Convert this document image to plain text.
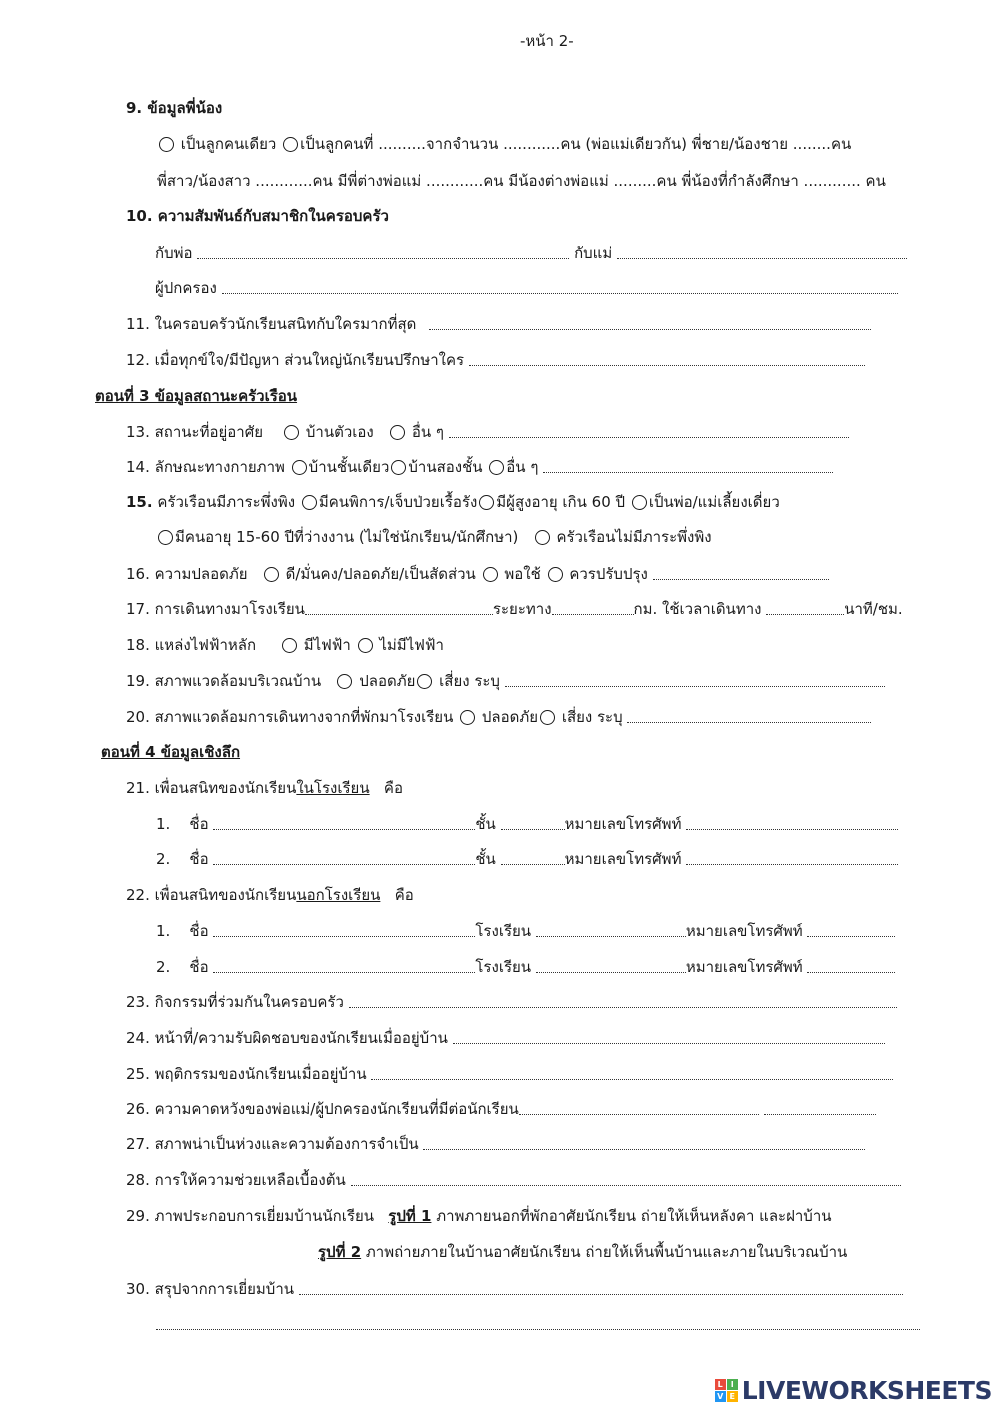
-หน้า 2-
9. ข้อมูลพี่น้อง
เป็นลูกคนเดียว เป็นลูกคนที่ ..........จากจำนวน ............คน (พ่อแม่เดียวกัน) พี่ชาย/น้องชาย ........คน
พี่สาว/น้องสาว ............คน มีพี่ต่างพ่อแม่ ............คน มีน้องต่างพ่อแม่ .........คน พี่น้องที่กำลังศึกษา ............ คน
10. ความสัมพันธ์กับสมาชิกในครอบครัว
กับพ่อ	กับแม่
ผู้ปกครอง
11. ในครอบครัวนักเรียนสนิทกับใครมากที่สุด
12. เมื่อทุกข์ใจ/มีปัญหา ส่วนใหญ่นักเรียนปรึกษาใคร
ตอนที่ 3 ข้อมูลสถานะครัวเรือน
13. สถานะที่อยู่อาศัย	บ้านตัวเอง	อื่น ๆ
14. ลักษณะทางกายภาพ บ้านชั้นเดียว บ้านสองชั้น อื่น ๆ
15. ครัวเรือนมีภาระพึ่งพิง มีคนพิการ/เจ็บป่วยเรื้อรัง มีผู้สูงอายุ เกิน 60 ปี เป็นพ่อ/แม่เลี้ยงเดี่ยว
มีคนอายุ 15-60 ปีที่ว่างงาน (ไม่ใช่นักเรียน/นักศึกษา)	ครัวเรือนไม่มีภาระพึ่งพิง
16. ความปลอดภัย	ดี/มั่นคง/ปลอดภัย/เป็นสัดส่วน พอใช้ ควรปรับปรุง
17. การเดินทางมาโรงเรียน	ระยะทาง	กม. ใช้เวลาเดินทาง	นาที/ชม.
18. แหล่งไฟฟ้าหลัก	มีไฟฟ้า ไม่มีไฟฟ้า
19. สภาพแวดล้อมบริเวณบ้าน	ปลอดภัย เสี่ยง ระบุ
20. สภาพแวดล้อมการเดินทางจากที่พักมาโรงเรียน ปลอดภัย เสี่ยง ระบุ
ตอนที่ 4 ข้อมูลเชิงลึก
21. เพื่อนสนิทของนักเรียนในโรงเรียน คือ
1. ชื่อ	ชั้น	หมายเลขโทรศัพท์
2. ชื่อ	ชั้น	หมายเลขโทรศัพท์
22. เพื่อนสนิทของนักเรียนนอกโรงเรียน คือ
1. ชื่อ	โรงเรียน	หมายเลขโทรศัพท์
2. ชื่อ	โรงเรียน	หมายเลขโทรศัพท์
23. กิจกรรมที่ร่วมกันในครอบครัว
24. หน้าที่/ความรับผิดชอบของนักเรียนเมื่ออยู่บ้าน
25. พฤติกรรมของนักเรียนเมื่ออยู่บ้าน
26. ความคาดหวังของพ่อแม่/ผู้ปกครองนักเรียนที่มีต่อนักเรียน
27. สภาพน่าเป็นห่วงและความต้องการจำเป็น
28. การให้ความช่วยเหลือเบื้องต้น
29. ภาพประกอบการเยี่ยมบ้านนักเรียน รูปที่ 1 ภาพภายนอกที่พักอาศัยนักเรียน ถ่ายให้เห็นหลังคา และฝาบ้าน
รูปที่ 2 ภาพถ่ายภายในบ้านอาศัยนักเรียน ถ่ายให้เห็นพื้นบ้านและภายในบริเวณบ้าน
30. สรุปจากการเยี่ยมบ้าน
L I
V E LIVEWORKSHEETS
